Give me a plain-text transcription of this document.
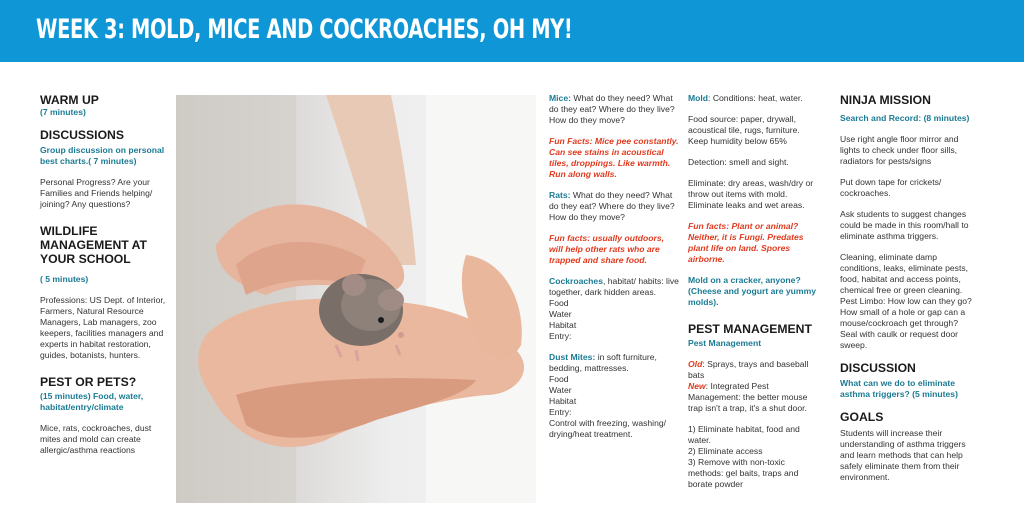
WEEK 3: MOLD, MICE AND COCKROACHES, OH MY!
WARM UP
(7 minutes)
DISCUSSIONS

Group discussion on personal best charts.( 7 minutes)

Personal Progress? Are your Families and Friends helping/ joining? Any questions?

WILDLIFE MANAGEMENT AT YOUR SCHOOL

( 5 minutes)

Professions: US Dept. of Interior, Farmers, Natural Resource Managers, Lab managers, zoo keepers, facilities managers and experts in habitat restoration, guides, botanists, hunters.

PEST OR PETS?

(15 minutes) Food, water, habitat/entry/climate

Mice, rats, cockroaches, dust mites and mold can create allergic/asthma reactions

Mice: What do they need? What do they eat? Where do they live? How do they move?

Fun Facts: Mice pee constantly. Can see stains in acoustical tiles, droppings. Like warmth. Run along walls.

Rats: What do they need? What do they eat? Where do they live? How do they move?

Fun facts: usually outdoors, will help other rats who are trapped and share food.

Cockroaches, habitat/ habits: live together, dark hidden areas.

Food
Water
Habitat
Entry:

Dust Mites: in soft furniture, bedding, mattresses.

Food
Water
Habitat
Entry:

Control with freezing, washing/ drying/heat treatment.

Mold: Conditions: heat, water.

Food source: paper, drywall, acoustical tile, rugs, furniture. Keep humidity below 65%

Detection: smell and sight.

Eliminate: dry areas, wash/dry or throw out items with mold. Eliminate leaks and wet areas.

Fun facts: Plant or animal? Neither, it is Fungi. Predates plant life on land. Spores airborne.

Mold on a cracker, anyone? (Cheese and yogurt are yummy molds).

PEST MANAGEMENT

Pest Management

Old: Sprays, trays and baseball bats

New: Integrated Pest Management: the better mouse trap isn't a trap, it's a shut door.

1) Eliminate habitat, food and water.
2) Eliminate access
3) Remove with non-toxic methods: gel baits, traps and borate powder
NINJA MISSION

Search and Record: (8 minutes)

Use right angle floor mirror and lights to check under floor sills, radiators for pests/signs

Put down tape for crickets/ cockroaches.

Ask students to suggest changes could be made in this room/hall to eliminate asthma triggers.

Cleaning, eliminate damp conditions, leaks, eliminate pests, food, habitat and access points, chemical free or green cleaning. Pest Limbo: How low can they go? How small of a hole or gap can a mouse/cockroach get through? Seal with caulk or request door sweep.

DISCUSSION

What can we do to eliminate asthma triggers? (5 minutes)

GOALS

Students will increase their understanding of asthma triggers and learn methods that can help safely eliminate them from their environment.
